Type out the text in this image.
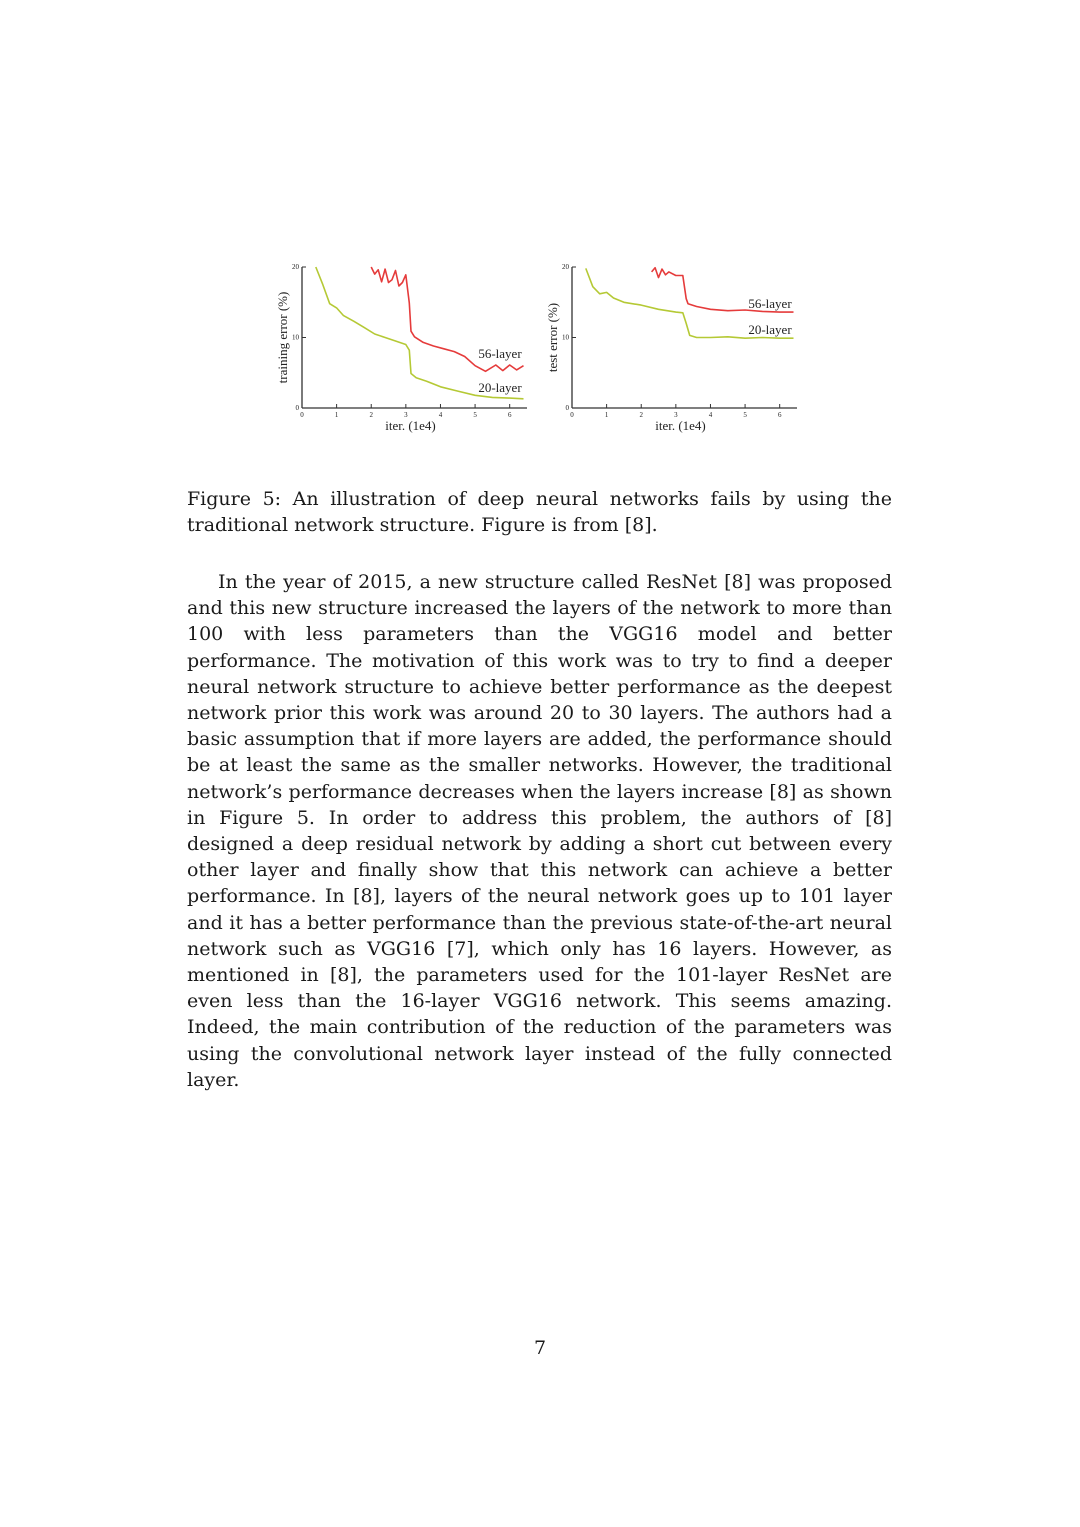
0
10
20
0	1	2	3	4	5	6
training error (%)
iter. (1e4)
56-layer
20-layer
0
10
20
0	1	2	3	4	5	6
test error (%)
iter. (1e4)
56-layer
20-layer
Figure 5: An illustration of deep neural networks fails by using the traditional network structure. Figure is from [8].

In the year of 2015, a new structure called ResNet [8] was proposed and this new structure increased the layers of the network to more than 100 with less parameters than the VGG16 model and better performance. The motivation of this work was to try to find a deeper neural network structure to achieve better performance as the deepest network prior this work was around 20 to 30 layers. The authors had a basic assumption that if more layers are added, the performance should be at least the same as the smaller networks. However, the traditional network’s performance decreases when the layers increase [8] as shown in Figure 5. In order to address this problem, the authors of [8] designed a deep residual network by adding a short cut between every other layer and finally show that this network can achieve a better performance. In [8], layers of the neural network goes up to 101 layer and it has a better performance than the previous state-of-the-art neural network such as VGG16 [7], which only has 16 layers. However, as mentioned in [8], the parameters used for the 101-layer ResNet are even less than the 16-layer VGG16 network. This seems amazing. Indeed, the main contribution of the reduction of the parameters was using the convolutional network layer instead of the fully connected layer.

7
